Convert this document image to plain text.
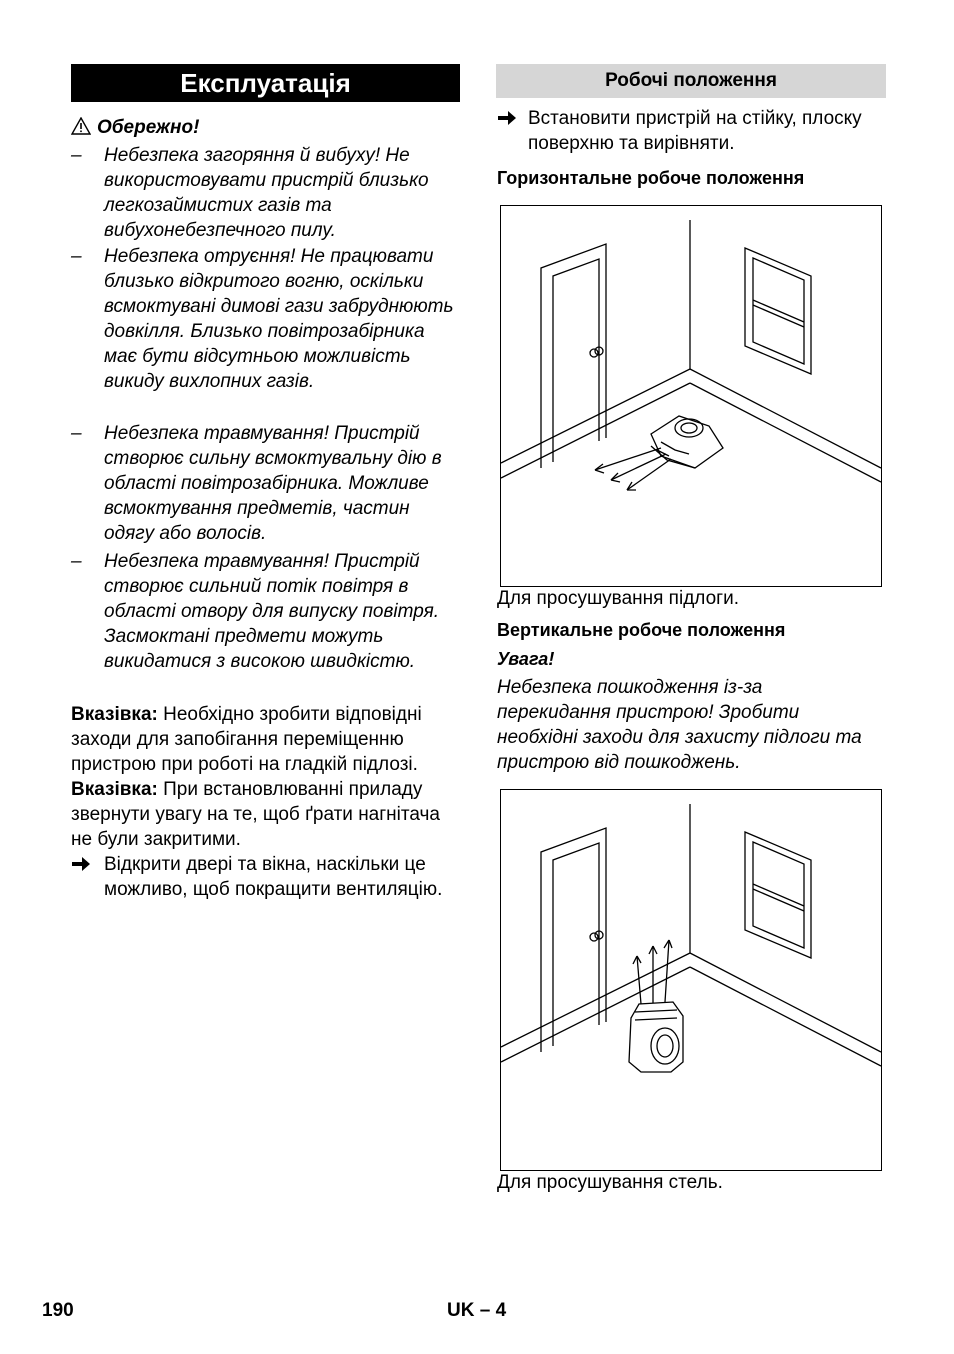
Експлуатація
Обережно!
–	Небезпека загоряння й вибуху! Не використовувати пристрій близько легкозаймистих газів та вибухонебезпечного пилу.
–	Небезпека отруєння! Не працювати близько відкритого вогню, оскільки всмоктувані димові гази забруднюють довкілля. Близько повітрозабірника має бути відсутньою можливість викиду вихлопних газів.
–	Небезпека травмування! Пристрій створює сильну всмоктувальну дію в області повітрозабірника. Можливе всмоктування предметів, частин одягу або волосів.
–	Небезпека травмування! Пристрій створює сильний потік повітря в області отвору для випуску повітря. Засмоктані предмети можуть викидатися з високою швидкістю.
Вказівка: Необхідно зробити відповідні заходи для запобігання переміщенню пристрою при роботі на гладкій підлозі.
Вказівка: При встановлюванні приладу звернути увагу на те, щоб ґрати нагнітача не були закритими.
Відкрити двері та вікна, наскільки це можливо, щоб покращити вентиляцію.
Робочі положення
Встановити пристрій на стійку, плоску поверхню та вирівняти.
Горизонтальне робоче положення
Для просушування підлоги.
Вертикальне робоче положення
Увага!
Небезпека пошкодження із-за перекидання пристрою! Зробити необхідні заходи для захисту підлоги та пристрою від пошкоджень.
Для просушування стель.
190	UK – 4
